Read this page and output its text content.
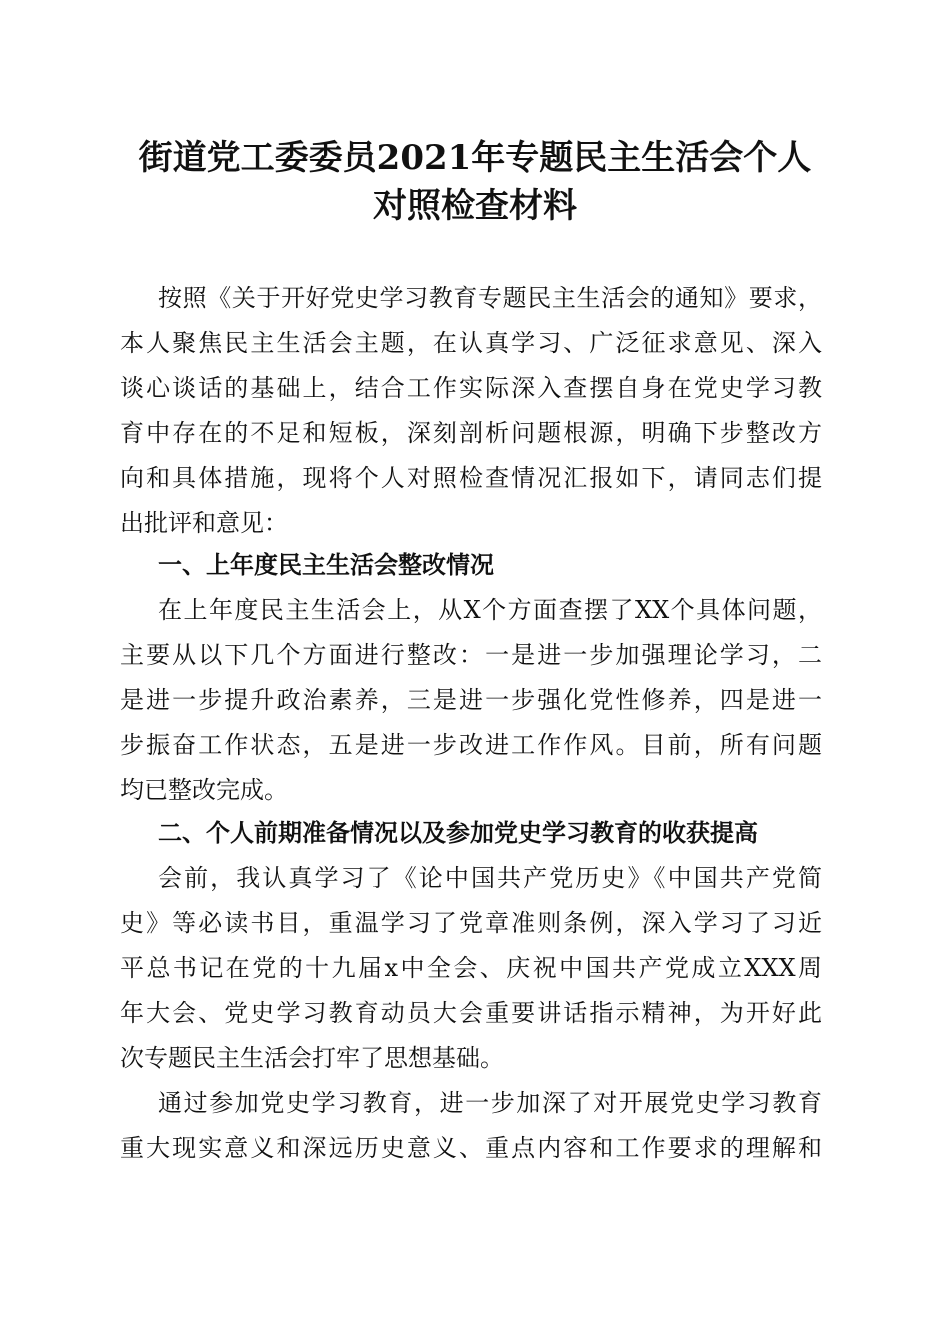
街道党工委委员2021年专题民主生活会个人
对照检查材料
按照《关于开好党史学习教育专题民主生活会的通知》要求，
本人聚焦民主生活会主题，在认真学习、广泛征求意见、深入
谈心谈话的基础上，结合工作实际深入查摆自身在党史学习教
育中存在的不足和短板，深刻剖析问题根源，明确下步整改方
向和具体措施，现将个人对照检查情况汇报如下，请同志们提
出批评和意见：
一、上年度民主生活会整改情况
在上年度民主生活会上，从X个方面查摆了XX个具体问题，
主要从以下几个方面进行整改：一是进一步加强理论学习，二
是进一步提升政治素养，三是进一步强化党性修养，四是进一
步振奋工作状态，五是进一步改进工作作风。目前，所有问题
均已整改完成。
二、个人前期准备情况以及参加党史学习教育的收获提高
会前，我认真学习了《论中国共产党历史》《中国共产党简
史》等必读书目，重温学习了党章准则条例，深入学习了习近
平总书记在党的十九届x中全会、庆祝中国共产党成立XXX周
年大会、党史学习教育动员大会重要讲话指示精神，为开好此
次专题民主生活会打牢了思想基础。
通过参加党史学习教育，进一步加深了对开展党史学习教育
重大现实意义和深远历史意义、重点内容和工作要求的理解和
